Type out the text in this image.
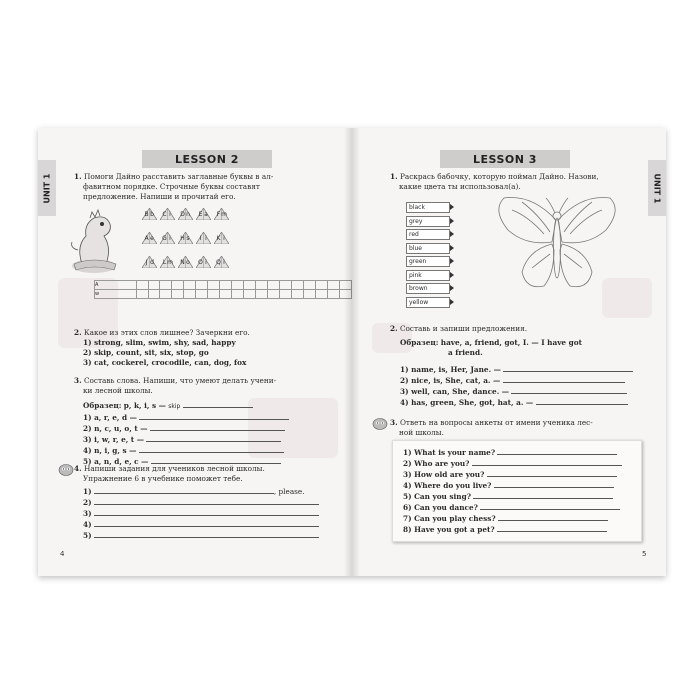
UNIT 1
LESSON 2
1. Помоги Дайно расставить заглавные буквы в ал-
фавитном порядке. Строчные буквы составят
предложение. Напиши и прочитай его.
B b	C i	D n	E a	F m
A e	G i	H s	I i	K i
J d	L m	N o	O i	Q i
A																		
w																		
2. Какое из этих слов лишнее? Зачеркни его.
1) strong, slim, swim, shy, sad, happy
2) skip, count, sit, six, stop, go
3) cat, cockerel, crocodile, can, dog, fox
3. Составь слова. Напиши, что умеют делать учени-
ки лесной школы.
Образец: p, k, i, s — skip
1) a, r, e, d —
2) n, c, u, o, t —
3) i, w, r, e, t —
4) n, i, g, s —
5) a, n, d, e, c —
4. Напиши задания для учеников лесной школы.
Упражнение 6 в учебнике поможет тебе.
1)	, please.
2)
3)
4)
5)
4
UNIT 1
LESSON 3
1. Раскрась бабочку, которую поймал Дайно. Назови,
какие цвета ты использовал(а).
black
grey
red
blue
green
pink
brown
yellow
2. Составь и запиши предложения.
Образец: have, a, friend, got, I. — I have got
a friend.
1) name, is, Her, Jane. —
2) nice, is, She, cat, a. —
3) well, can, She, dance. —
4) has, green, She, got, hat, a. —
3. Ответь на вопросы анкеты от имени ученика лес-
ной школы.
1) What is your name?
2) Who are you?
3) How old are you?
4) Where do you live?
5) Can you sing?
6) Can you dance?
7) Can you play chess?
8) Have you got a pet?
5
